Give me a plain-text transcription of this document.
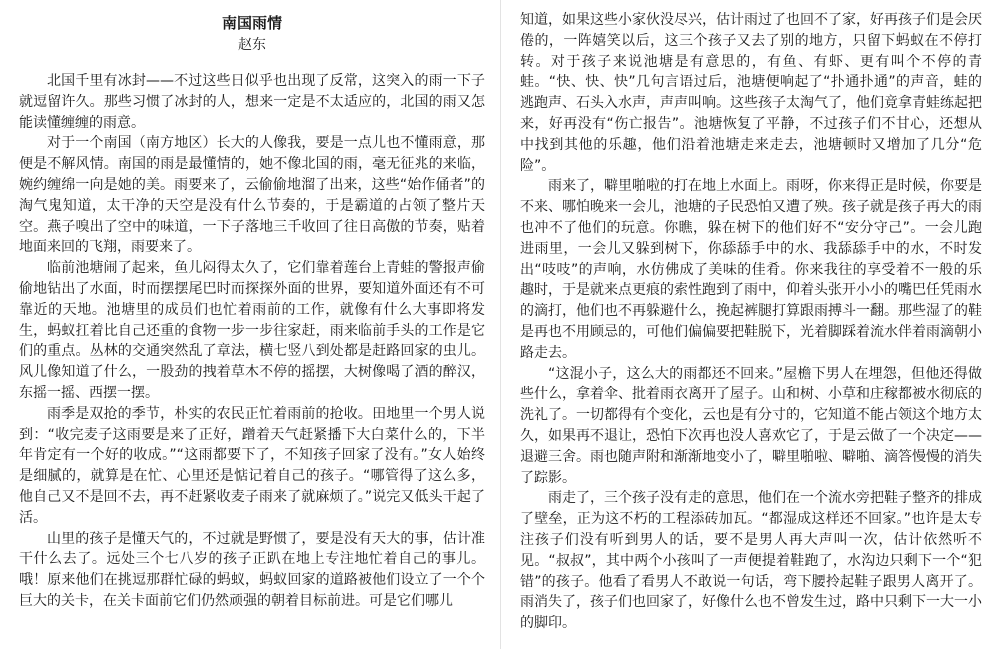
南国雨情
赵东

北国千里有冰封——不过这些日似乎也出现了反常，这突入的雨一下子就逗留许久。那些习惯了冰封的人，想来一定是不太适应的，北国的雨又怎能读懂缠缠的雨意。

对于一个南国（南方地区）长大的人像我，要是一点儿也不懂雨意，那便是不解风情。南国的雨是最懂情的，她不像北国的雨，毫无征兆的来临，婉约缠绵一向是她的美。雨要来了，云偷偷地溜了出来，这些“始作俑者”的淘气鬼知道，太干净的天空是没有什么节奏的，于是霸道的占领了整片天空。燕子嗅出了空中的味道，一下子落地三千收回了往日高傲的节奏，贴着地面来回的飞翔，雨要来了。

临前池塘闹了起来，鱼儿闷得太久了，它们靠着莲台上青蛙的警报声偷偷地钻出了水面，时而摆摆尾巴时而探探外面的世界，要知道外面还有不可靠近的天地。池塘里的成员们也忙着雨前的工作，就像有什么大事即将发生，蚂蚁扛着比自己还重的食物一步一步往家赶，雨来临前手头的工作是它们的重点。丛林的交通突然乱了章法，横七竖八到处都是赶路回家的虫儿。风儿像知道了什么，一股劲的拽着草木不停的摇摆，大树像喝了酒的醉汉，东摇一摇、西摆一摆。

雨季是双抢的季节，朴实的农民正忙着雨前的抢收。田地里一个男人说到：“收完麦子这雨要是来了正好，蹭着天气赶紧播下大白菜什么的，下半年肯定有一个好的收成。”“这雨都要下了，不知孩子回家了没有。”女人始终是细腻的，就算是在忙、心里还是惦记着自己的孩子。“哪管得了这么多，他自己又不是回不去，再不赶紧收麦子雨来了就麻烦了。”说完又低头干起了活。

山里的孩子是懂天气的，不过就是野惯了，要是没有天大的事，估计准干什么去了。远处三个七八岁的孩子正趴在地上专注地忙着自己的事儿。哦！原来他们在挑逗那群忙碌的蚂蚁，蚂蚁回家的道路被他们设立了一个个巨大的关卡，在关卡面前它们仍然顽强的朝着目标前进。可是它们哪儿

知道，如果这些小家伙没尽兴，估计雨过了也回不了家，好再孩子们是会厌倦的，一阵嬉笑以后，这三个孩子又去了别的地方，只留下蚂蚁在不停打转。对于孩子来说池塘是有意思的，有鱼、有虾、更有叫个不停的青蛙。“快、快、快”几句言语过后，池塘便响起了“扑通扑通”的声音，蛙的逃跑声、石头入水声，声声叫响。这些孩子太淘气了，他们竟拿青蛙练起把来，好再没有“伤亡报告”。池塘恢复了平静，不过孩子们不甘心，还想从中找到其他的乐趣，他们沿着池塘走来走去，池塘顿时又增加了几分“危险”。

雨来了，噼里啪啦的打在地上水面上。雨呀，你来得正是时候，你要是不来、哪怕晚来一会儿，池塘的子民恐怕又遭了殃。孩子就是孩子再大的雨也冲不了他们的玩意。你瞧，躲在树下的他们好不“安分守己”。一会儿跑进雨里，一会儿又躲到树下，你舔舔手中的水、我舔舔手中的水，不时发出“吱吱”的声响，水仿佛成了美味的佳肴。你来我往的享受着不一般的乐趣时，于是就来点更痕的索性跑到了雨中，仰着头张开小小的嘴巴任凭雨水的滴打，他们也不再躲避什么，挽起裤腿打算跟雨搏斗一翻。那些湿了的鞋是再也不用顾忌的，可他们偏偏要把鞋脱下，光着脚踩着流水伴着雨滴朝小路走去。

“这混小子，这么大的雨都还不回来。”屋檐下男人在埋怨，但他还得做些什么，拿着伞、批着雨衣离开了屋子。山和树、小草和庄稼都被水彻底的洗礼了。一切都得有个变化，云也是有分寸的，它知道不能占领这个地方太久，如果再不退让，恐怕下次再也没人喜欢它了，于是云做了一个决定——退避三舍。雨也随声附和渐渐地变小了，噼里啪啦、噼啪、滴答慢慢的消失了踪影。

雨走了，三个孩子没有走的意思，他们在一个流水旁把鞋子整齐的排成了壁垒，正为这不朽的工程添砖加瓦。“都湿成这样还不回家。”也许是太专注孩子们没有听到男人的话，要不是男人再大声叫一次，估计依然听不见。“叔叔”，其中两个小孩叫了一声便提着鞋跑了，水沟边只剩下一个“犯错”的孩子。他看了看男人不敢说一句话，弯下腰拎起鞋子跟男人离开了。雨消失了，孩子们也回家了，好像什么也不曾发生过，路中只剩下一大一小的脚印。
